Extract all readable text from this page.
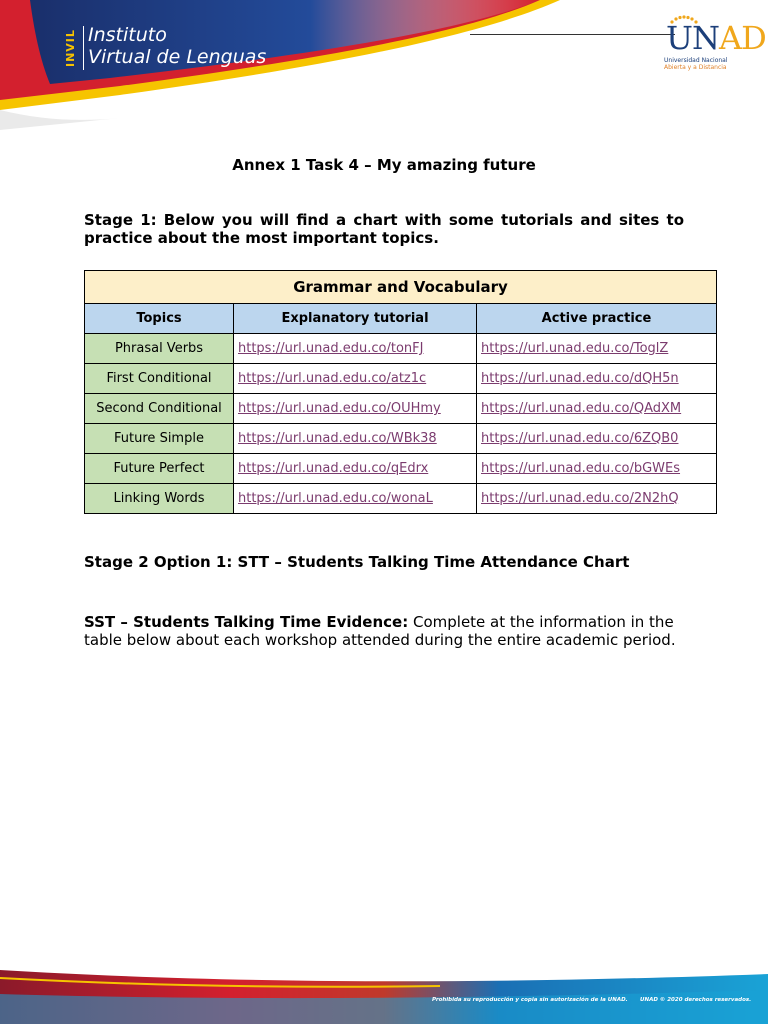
INVIL Instituto
Virtual de Lenguas	UNAD
Universidad Nacional
Abierta y a Distancia
Annex 1 Task 4 – My amazing future
Stage 1: Below you will find a chart with some tutorials and sites to practice about the most important topics.
Grammar and Vocabulary		
Topics	Explanatory tutorial	Active practice
Phrasal Verbs	https://url.unad.edu.co/tonFJ	https://url.unad.edu.co/ToglZ
First Conditional	https://url.unad.edu.co/atz1c	https://url.unad.edu.co/dQH5n
Second Conditional	https://url.unad.edu.co/OUHmy	https://url.unad.edu.co/QAdXM
Future Simple	https://url.unad.edu.co/WBk38	https://url.unad.edu.co/6ZQB0
Future Perfect	https://url.unad.edu.co/qEdrx	https://url.unad.edu.co/bGWEs
Linking Words	https://url.unad.edu.co/wonaL	https://url.unad.edu.co/2N2hQ
Stage 2 Option 1: STT – Students Talking Time Attendance Chart
SST – Students Talking Time Evidence: Complete at the information in the table below about each workshop attended during the entire academic period.
Prohibida su reproducción y copia sin autorización de la UNAD. UNAD © 2020 derechos reservados.
